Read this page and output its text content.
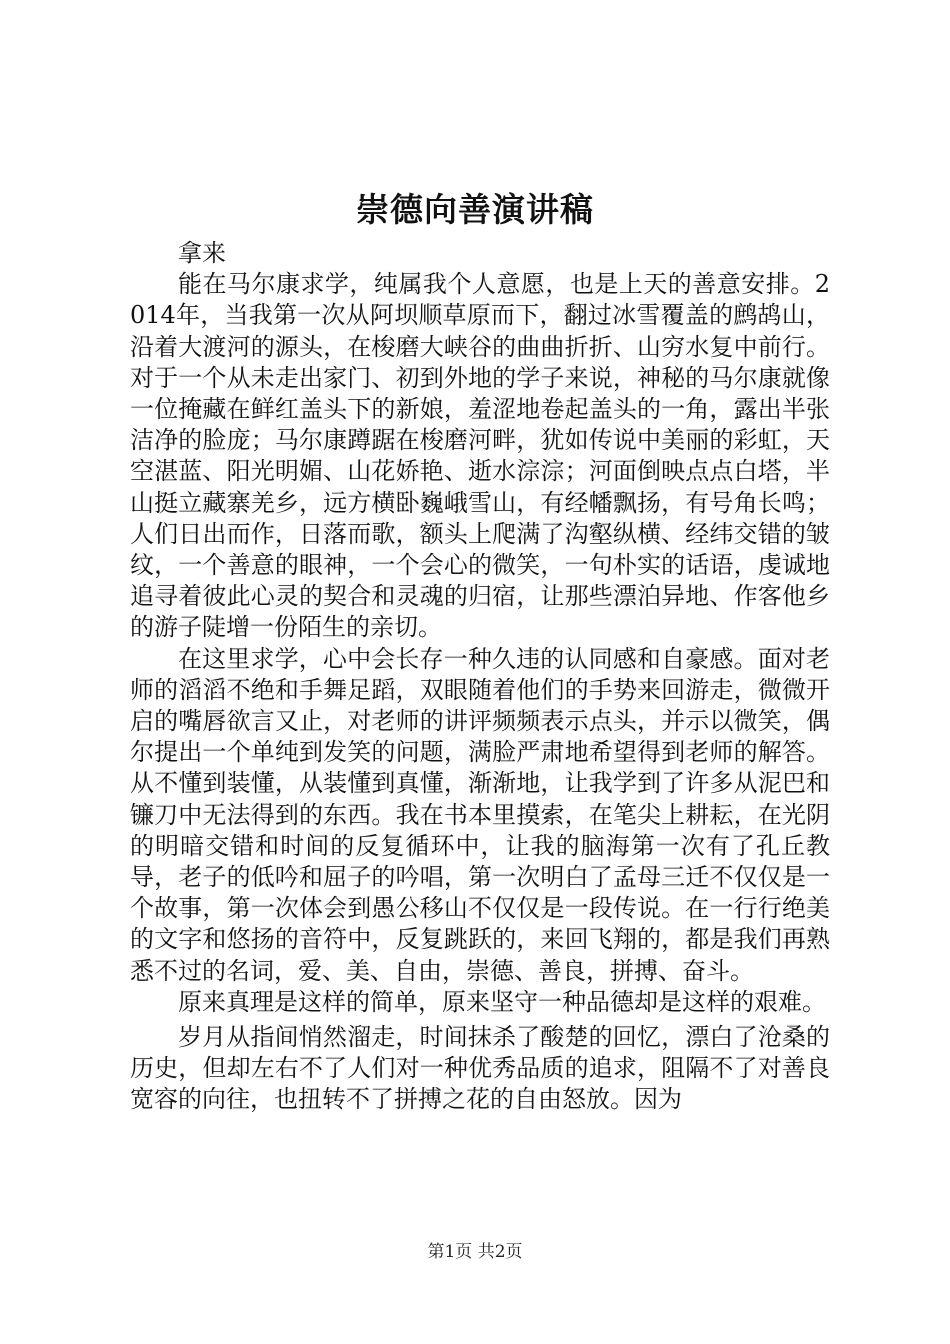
崇德向善演讲稿

拿来

能在马尔康求学，纯属我个人意愿，也是上天的善意安排。2014年，当我第一次从阿坝顺草原而下，翻过冰雪覆盖的鹧鸪山，沿着大渡河的源头，在梭磨大峡谷的曲曲折折、山穷水复中前行。对于一个从未走出家门、初到外地的学子来说，神秘的马尔康就像一位掩藏在鲜红盖头下的新娘，羞涩地卷起盖头的一角，露出半张洁净的脸庞；马尔康蹲踞在梭磨河畔，犹如传说中美丽的彩虹，天空湛蓝、阳光明媚、山花娇艳、逝水淙淙；河面倒映点点白塔，半山挺立藏寨羌乡，远方横卧巍峨雪山，有经幡飘扬，有号角长鸣；人们日出而作，日落而歌，额头上爬满了沟壑纵横、经纬交错的皱纹，一个善意的眼神，一个会心的微笑，一句朴实的话语，虔诚地追寻着彼此心灵的契合和灵魂的归宿，让那些漂泊异地、作客他乡的游子陡增一份陌生的亲切。

在这里求学，心中会长存一种久违的认同感和自豪感。面对老师的滔滔不绝和手舞足蹈，双眼随着他们的手势来回游走，微微开启的嘴唇欲言又止，对老师的讲评频频表示点头，并示以微笑，偶尔提出一个单纯到发笑的问题，满脸严肃地希望得到老师的解答。从不懂到装懂，从装懂到真懂，渐渐地，让我学到了许多从泥巴和镰刀中无法得到的东西。我在书本里摸索，在笔尖上耕耘，在光阴的明暗交错和时间的反复循环中，让我的脑海第一次有了孔丘教导，老子的低吟和屈子的吟唱，第一次明白了孟母三迁不仅仅是一个故事，第一次体会到愚公移山不仅仅是一段传说。在一行行绝美的文字和悠扬的音符中，反复跳跃的，来回飞翔的，都是我们再熟悉不过的名词，爱、美、自由，崇德、善良，拼搏、奋斗。

原来真理是这样的简单，原来坚守一种品德却是这样的艰难。

岁月从指间悄然溜走，时间抹杀了酸楚的回忆，漂白了沧桑的历史，但却左右不了人们对一种优秀品质的追求，阻隔不了对善良宽容的向往，也扭转不了拼搏之花的自由怒放。因为

第1页 共2页
